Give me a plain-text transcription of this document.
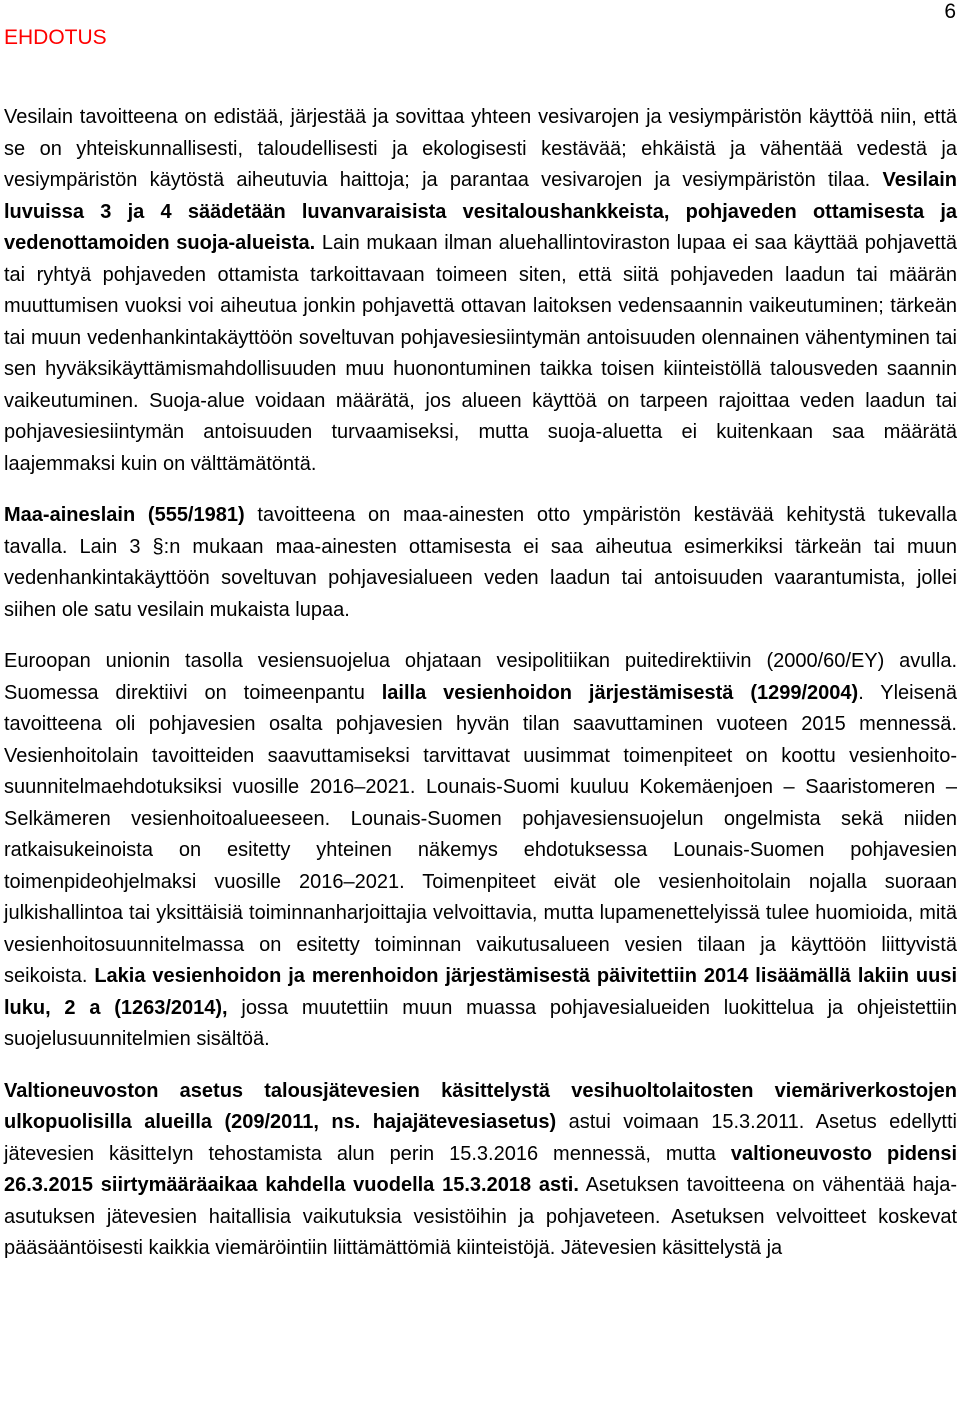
6
EHDOTUS

Vesilain tavoitteena on edistää, järjestää ja sovittaa yhteen vesivarojen ja vesiympäristön käyttöä niin, että se on yhteiskunnallisesti, taloudellisesti ja ekologisesti kestävää; ehkäistä ja vähentää vedestä ja vesiympäristön käytöstä aiheutuvia haittoja; ja parantaa vesivarojen ja vesiympäristön tilaa. Vesilain luvuissa 3 ja 4 säädetään luvanvaraisista vesitaloushankkeista, pohjaveden ottamisesta ja vedenottamoiden suoja-alueista. Lain mukaan ilman aluehallintoviraston lupaa ei saa käyttää pohjavettä tai ryhtyä pohjaveden ottamista tarkoittavaan toimeen siten, että siitä pohjaveden laadun tai määrän muuttumisen vuoksi voi aiheutua jonkin pohjavettä ottavan laitoksen vedensaannin vaikeutuminen; tärkeän tai muun vedenhankintakäyttöön soveltuvan pohjavesiesiintymän antoisuuden olennainen vähentyminen tai sen hyväksikäyttämismahdollisuuden muu huonontuminen taikka toisen kiinteistöllä talousveden saannin vaikeutuminen. Suoja-alue voidaan määrätä, jos alueen käyttöä on tarpeen rajoittaa veden laadun tai pohjavesiesiintymän antoisuuden turvaamiseksi, mutta suoja-aluetta ei kuitenkaan saa määrätä laajemmaksi kuin on välttämätöntä.

Maa-aineslain (555/1981) tavoitteena on maa-ainesten otto ympäristön kestävää kehitystä tukevalla tavalla. Lain 3 §:n mukaan maa-ainesten ottamisesta ei saa aiheutua esimerkiksi tärkeän tai muun vedenhankintakäyttöön soveltuvan pohjavesialueen veden laadun tai antoisuuden vaarantumista, jollei siihen ole satu vesilain mukaista lupaa.

Euroopan unionin tasolla vesiensuojelua ohjataan vesipolitiikan puitedirektiivin (2000/60/EY) avulla. Suomessa direktiivi on toimeenpantu lailla vesienhoidon järjestämisestä (1299/2004). Yleisenä tavoitteena oli pohjavesien osalta pohjavesien hyvän tilan saavuttaminen vuoteen 2015 mennessä. Vesienhoitolain tavoitteiden saavuttamiseksi tarvittavat uusimmat toimenpiteet on koottu vesienhoito-suunnitelmaehdotuksiksi vuosille 2016–2021. Lounais-Suomi kuuluu Kokemäenjoen – Saaristomeren – Selkämeren vesienhoitoalueeseen. Lounais-Suomen pohjavesiensuojelun ongelmista sekä niiden ratkaisukeinoista on esitetty yhteinen näkemys ehdotuksessa Lounais-Suomen pohjavesien toimenpideohjelmaksi vuosille 2016–2021. Toimenpiteet eivät ole vesienhoitolain nojalla suoraan julkishallintoa tai yksittäisiä toiminnanharjoittajia velvoittavia, mutta lupamenettelyissä tulee huomioida, mitä vesienhoitosuunnitelmassa on esitetty toiminnan vaikutusalueen vesien tilaan ja käyttöön liittyvistä seikoista. Lakia vesienhoidon ja merenhoidon järjestämisestä päivitettiin 2014 lisäämällä lakiin uusi luku, 2 a (1263/2014), jossa muutettiin muun muassa pohjavesialueiden luokittelua ja ohjeistettiin suojelusuunnitelmien sisältöä.

Valtioneuvoston asetus talousjätevesien käsittelystä vesihuoltolaitosten viemäriverkostojen ulkopuolisilla alueilla (209/2011, ns. hajajätevesiasetus) astui voimaan 15.3.2011. Asetus edellytti jätevesien käsitteIyn tehostamista alun perin 15.3.2016 mennessä, mutta valtioneuvosto pidensi 26.3.2015 siirtymääräaikaa kahdella vuodella 15.3.2018 asti. Asetuksen tavoitteena on vähentää haja-asutuksen jätevesien haitallisia vaikutuksia vesistöihin ja pohjaveteen. Asetuksen velvoitteet koskevat pääsääntöisesti kaikkia viemäröintiin liittämättömiä kiinteistöjä. Jätevesien käsittelystä ja
